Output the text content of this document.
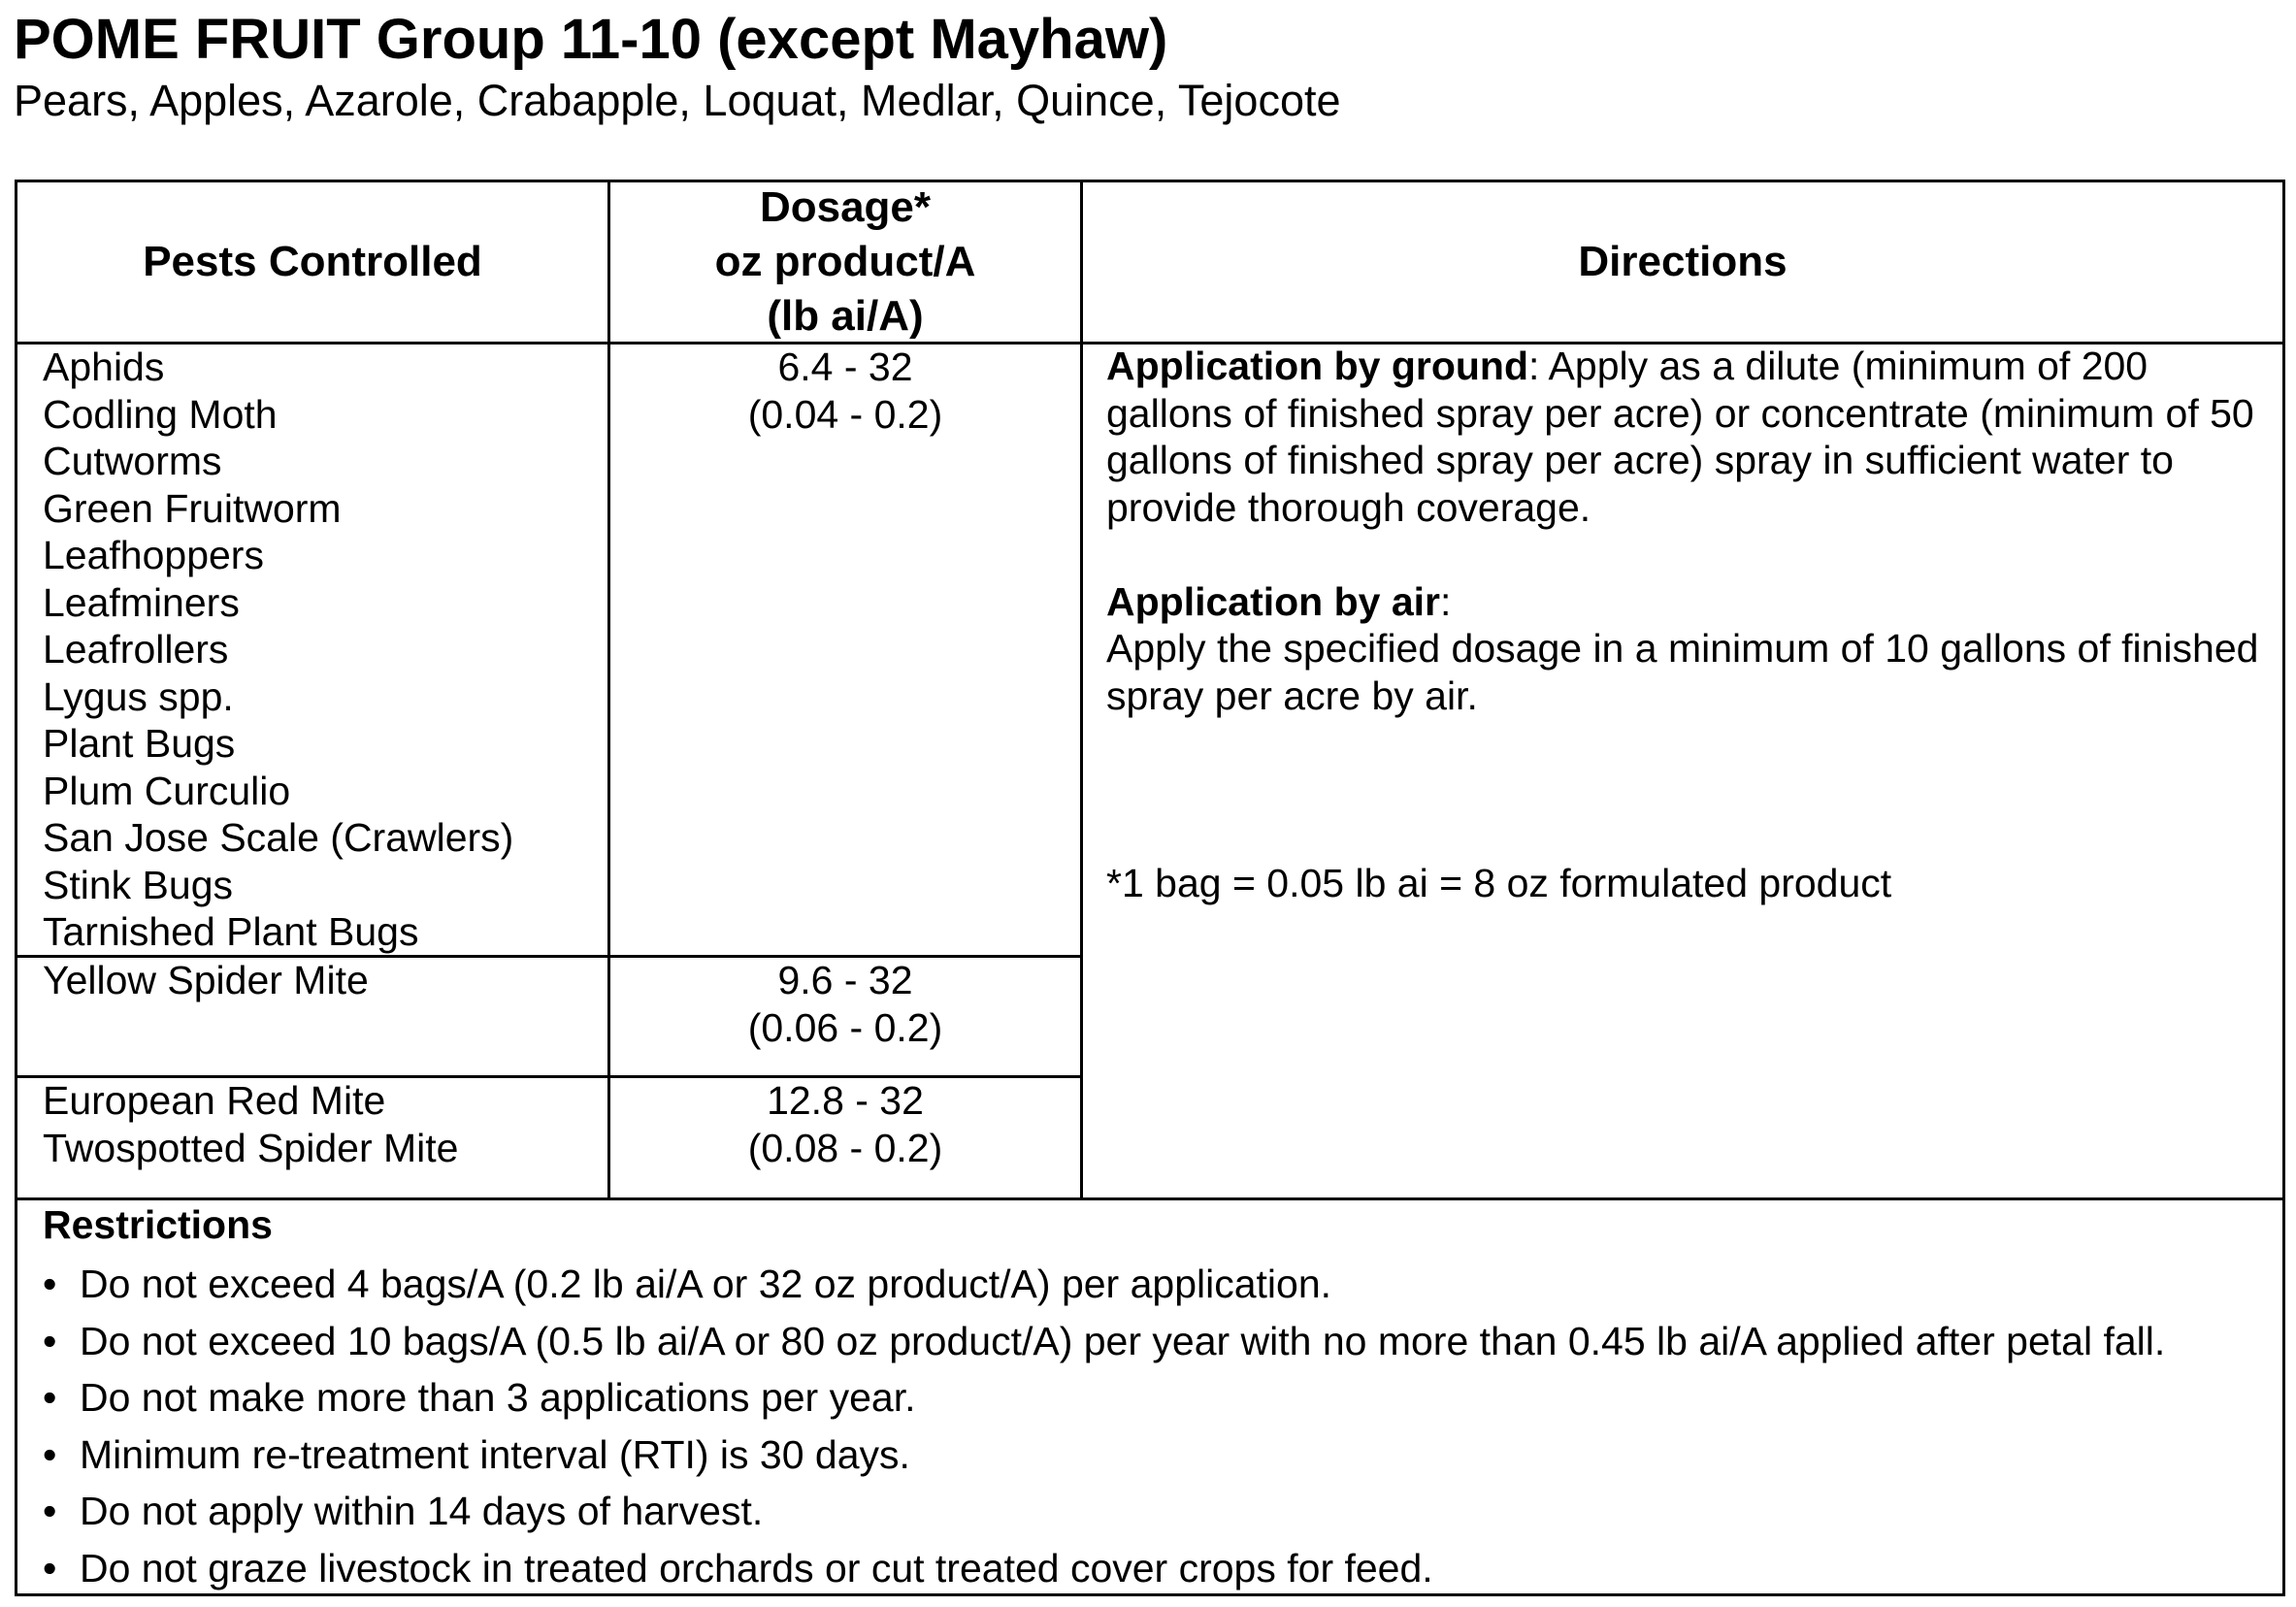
POME FRUIT Group 11-10 (except Mayhaw)
Pears, Apples, Azarole, Crabapple, Loquat, Medlar, Quince, Tejocote
Pests Controlled
Dosage*
oz product/A
(lb ai/A)
Directions
Aphids
Codling Moth
Cutworms
Green Fruitworm
Leafhoppers
Leafminers
Leafrollers
Lygus spp.
Plant Bugs
Plum Curculio
San Jose Scale (Crawlers)
Stink Bugs
Tarnished Plant Bugs
6.4 - 32
(0.04 - 0.2)
Yellow Spider Mite	9.6 - 32
(0.06 - 0.2)
European Red Mite
Twospotted Spider Mite
12.8 - 32
(0.08 - 0.2)

Application by ground: Apply as a dilute (minimum of 200 gallons of finished spray per acre) or concentrate (minimum of 50 gallons of finished spray per acre) spray in sufficient water to provide thorough coverage.

Application by air:

Apply the specified dosage in a minimum of 10 gallons of finished spray per acre by air.

*1 bag = 0.05 lb ai = 8 oz formulated product
Restrictions
• Do not exceed 4 bags/A (0.2 lb ai/A or 32 oz product/A) per application.
• Do not exceed 10 bags/A (0.5 lb ai/A or 80 oz product/A) per year with no more than 0.45 lb ai/A applied after petal fall.
• Do not make more than 3 applications per year.
• Minimum re-treatment interval (RTI) is 30 days.
• Do not apply within 14 days of harvest.
• Do not graze livestock in treated orchards or cut treated cover crops for feed.
